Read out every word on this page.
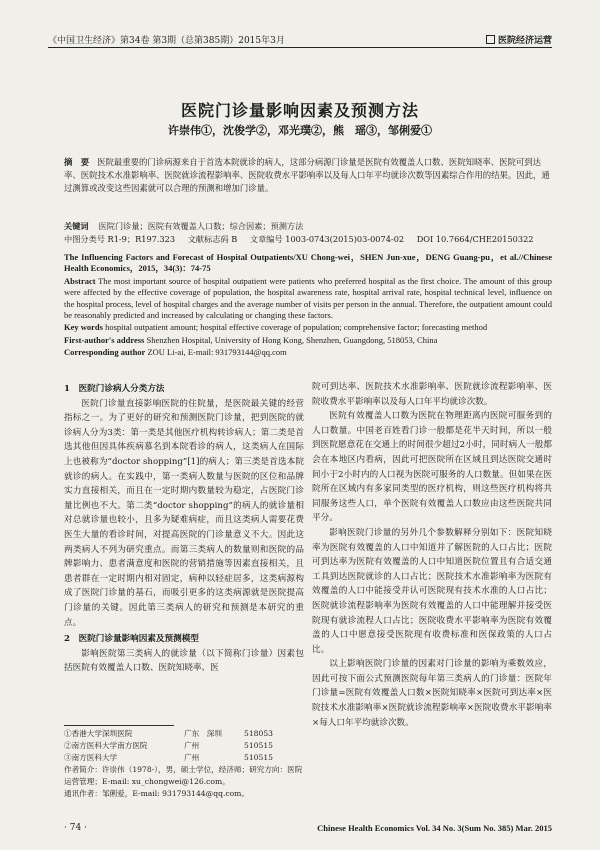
《中国卫生经济》第34卷 第3期（总第385期）2015年3月	医院经济运营
医院门诊量影响因素及预测方法
许崇伟①，沈俊学②，邓光璞②，熊　瑶③，邹俐爱①

摘　要 医院最重要的门诊病源来自于首选本院就诊的病人，这部分病源门诊量是医院有效覆盖人口数、医院知晓率、医院可到达率、医院技术水准影响率、医院就诊流程影响率、医院收费水平影响率以及每人口年平均就诊次数等因素综合作用的结果。因此，通过测算或改变这些因素就可以合理的预测和增加门诊量。

关键词 医院门诊量；医院有效覆盖人口数；综合因素；预测方法
中图分类号 R1-9；R197.323 文献标志码 B 文章编号 1003-0743(2015)03-0074-02 DOI 10.7664/CHE20150322

The Influencing Factors and Forecast of Hospital Outpatients/XU Chong-wei，SHEN Jun-xue，DENG Guang-pu，et al.//Chinese Health Economics，2015，34(3)：74-75

Abstract The most important source of hospital outpatient were patients who preferred hospital as the first choice. The amount of this group were affected by the effective coverage of population, the hospital awareness rate, hospital arrival rate, hospital technical level, influence on the hospital process, level of hospital charges and the average number of visits per person in the annual. Therefore, the outpatient amount could be reasonably predicted and increased by calculating or changing these factors.

Key words hospital outpatient amount; hospital effective coverage of population; comprehensive factor; forecasting method

First-author's address Shenzhen Hospital, University of Hong Kong, Shenzhen, Guangdong, 518053, China

Corresponding author ZOU Li-ai, E-mail: 931793144@qq.com

1　医院门诊病人分类方法

医院门诊量直接影响医院的住院量，是医院最关键的经营指标之一。为了更好的研究和预测医院门诊量，把到医院的就诊病人分为3类：第一类是其他医疗机构转诊病人；第二类是首选其他但因具体疾病慕名到本院看诊的病人，这类病人在国际上也被称为“doctor shopping”[1]的病人；第三类是首选本院就诊的病人。在实践中，第一类病人数量与医院的区位和品牌实力直接相关，而且在一定时期内数量较为稳定，占医院门诊量比例也不大。第二类“doctor shopping”的病人的就诊量相对总就诊量也较小，且多为疑难病症，而且这类病人需要花费医生大量的看诊时间，对提高医院的门诊量意义不大。因此这两类病人不列为研究重点。而第三类病人的数量则和医院的品牌影响力、患者满意度和医院的营销措施等因素直接相关，且患者群在一定时期内相对固定，病种以轻症居多，这类病源构成了医院门诊量的基石，而吸引更多的这类病源就是医院提高门诊量的关键。因此第三类病人的研究和预测是本研究的重点。

2　医院门诊量影响因素及预测模型

影响医院第三类病人的就诊量（以下简称门诊量）因素包括医院有效覆盖人口数、医院知晓率、医

①香港大学深圳医院	广东　深圳	518053
②南方医科大学南方医院	广州	510515
③南方医科大学	广州	510515
作者简介：许崇伟（1978-），男，硕士学位，经济师；研究方向：医院运营管理；E-mail: xu_chongwei@126.com。
通讯作者：邹俐爱，E-mail: 931793144@qq.com。

院可到达率、医院技术水准影响率、医院就诊流程影响率、医院收费水平影响率以及每人口年平均就诊次数。

医院有效覆盖人口数为医院在物理距离内医院可服务到的人口数量。中国老百姓看门诊一般都是花半天时间，所以一般到医院愿意花在交通上的时间很少超过2小时，同时病人一般都会在本地区内看病，因此可把医院所在区域且到达医院交通时间小于2小时内的人口视为医院可服务的人口数量。但如果在医院所在区域内有多家同类型的医疗机构，则这些医疗机构将共同服务这些人口，单个医院有效覆盖人口数应由这些医院共同平分。

影响医院门诊量的另外几个参数解释分别如下：医院知晓率为医院有效覆盖的人口中知道并了解医院的人口占比；医院可到达率为医院有效覆盖的人口中知道医院位置且有合适交通工具到达医院就诊的人口占比；医院技术水准影响率为医院有效覆盖的人口中能接受并认可医院现有技术水准的人口占比；医院就诊流程影响率为医院有效覆盖的人口中能理解并接受医院现有就诊流程人口占比；医院收费水平影响率为医院有效覆盖的人口中愿意接受医院现有收费标准和医保政策的人口占比。

以上影响医院门诊量的因素对门诊量的影响为乘数效应，因此可按下面公式预测医院每年第三类病人的门诊量：医院年门诊量=医院有效覆盖人口数×医院知晓率×医院可到达率×医院技术水准影响率×医院就诊流程影响率×医院收费水平影响率×每人口年平均就诊次数。

· 74 ·	Chinese Health Economics Vol. 34 No. 3(Sum No. 385) Mar. 2015
